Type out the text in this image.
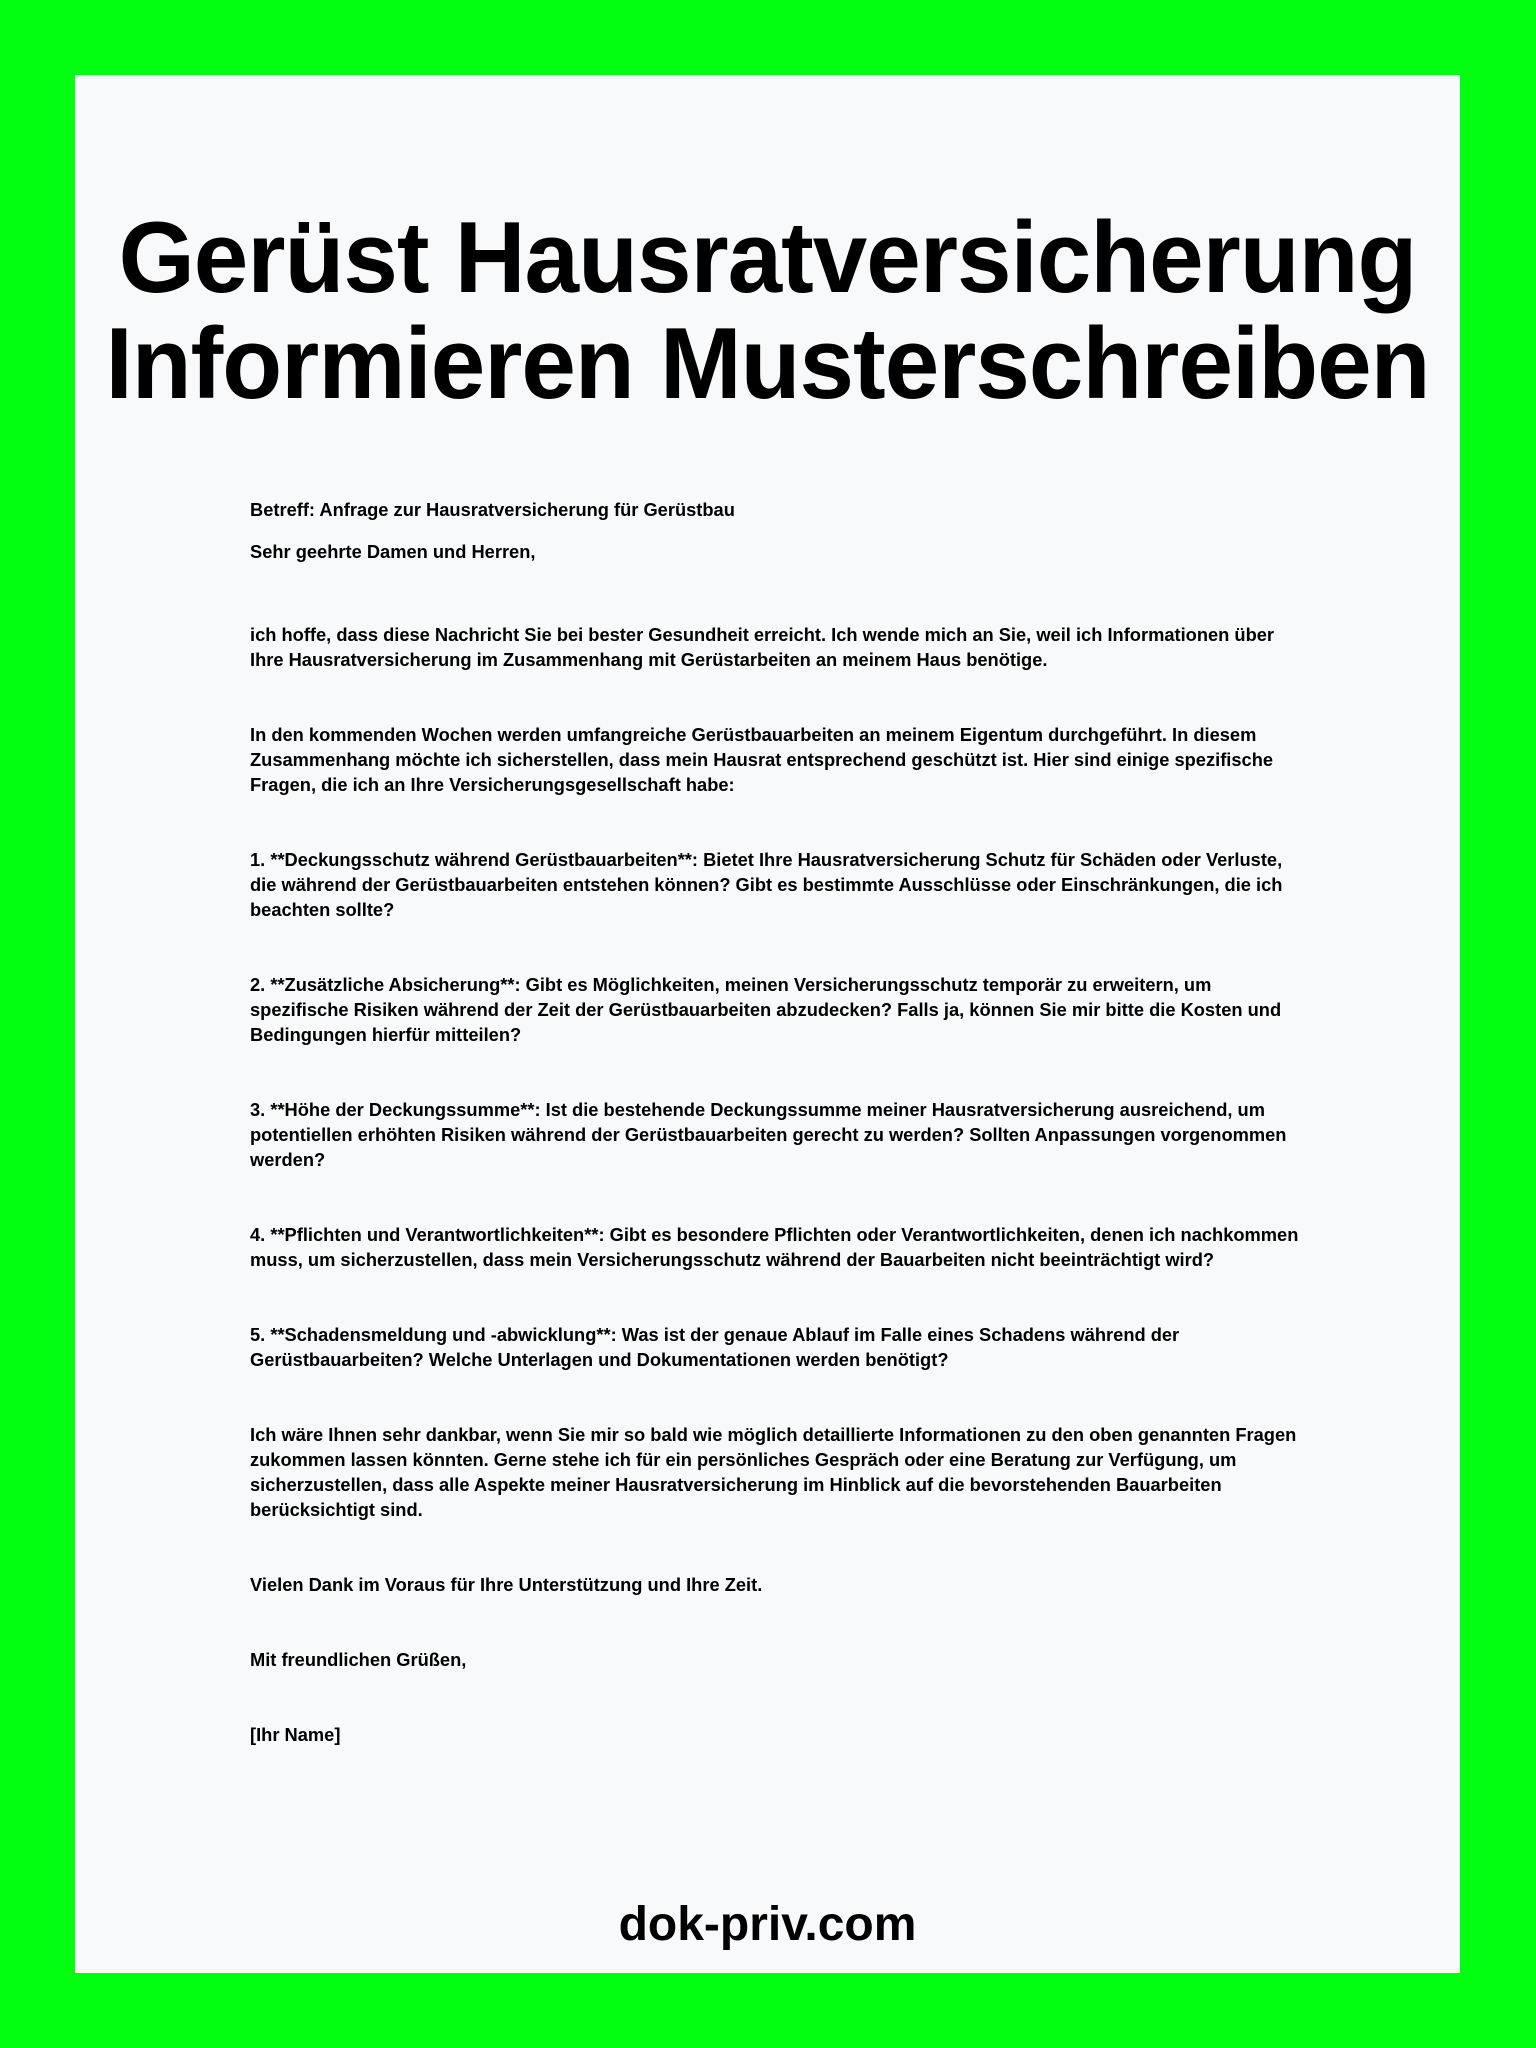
Gerüst Hausratversicherung
Informieren Musterschreiben

Betreff: Anfrage zur Hausratversicherung für Gerüstbau

Sehr geehrte Damen und Herren,

ich hoffe, dass diese Nachricht Sie bei bester Gesundheit erreicht. Ich wende mich an Sie, weil ich Informationen über Ihre Hausratversicherung im Zusammenhang mit Gerüstarbeiten an meinem Haus benötige.

In den kommenden Wochen werden umfangreiche Gerüstbauarbeiten an meinem Eigentum durchgeführt. In diesem Zusammenhang möchte ich sicherstellen, dass mein Hausrat entsprechend geschützt ist. Hier sind einige spezifische Fragen, die ich an Ihre Versicherungsgesellschaft habe:

1. **Deckungsschutz während Gerüstbauarbeiten**: Bietet Ihre Hausratversicherung Schutz für Schäden oder Verluste, die während der Gerüstbauarbeiten entstehen können? Gibt es bestimmte Ausschlüsse oder Einschränkungen, die ich beachten sollte?

2. **Zusätzliche Absicherung**: Gibt es Möglichkeiten, meinen Versicherungsschutz temporär zu erweitern, um spezifische Risiken während der Zeit der Gerüstbauarbeiten abzudecken? Falls ja, können Sie mir bitte die Kosten und Bedingungen hierfür mitteilen?

3. **Höhe der Deckungssumme**: Ist die bestehende Deckungssumme meiner Hausratversicherung ausreichend, um potentiellen erhöhten Risiken während der Gerüstbauarbeiten gerecht zu werden? Sollten Anpassungen vorgenommen werden?

4. **Pflichten und Verantwortlichkeiten**: Gibt es besondere Pflichten oder Verantwortlichkeiten, denen ich nachkommen muss, um sicherzustellen, dass mein Versicherungsschutz während der Bauarbeiten nicht beeinträchtigt wird?

5. **Schadensmeldung und -abwicklung**: Was ist der genaue Ablauf im Falle eines Schadens während der Gerüstbauarbeiten? Welche Unterlagen und Dokumentationen werden benötigt?

Ich wäre Ihnen sehr dankbar, wenn Sie mir so bald wie möglich detaillierte Informationen zu den oben genannten Fragen zukommen lassen könnten. Gerne stehe ich für ein persönliches Gespräch oder eine Beratung zur Verfügung, um sicherzustellen, dass alle Aspekte meiner Hausratversicherung im Hinblick auf die bevorstehenden Bauarbeiten berücksichtigt sind.

Vielen Dank im Voraus für Ihre Unterstützung und Ihre Zeit.

Mit freundlichen Grüßen,

[Ihr Name]

dok-priv.com
